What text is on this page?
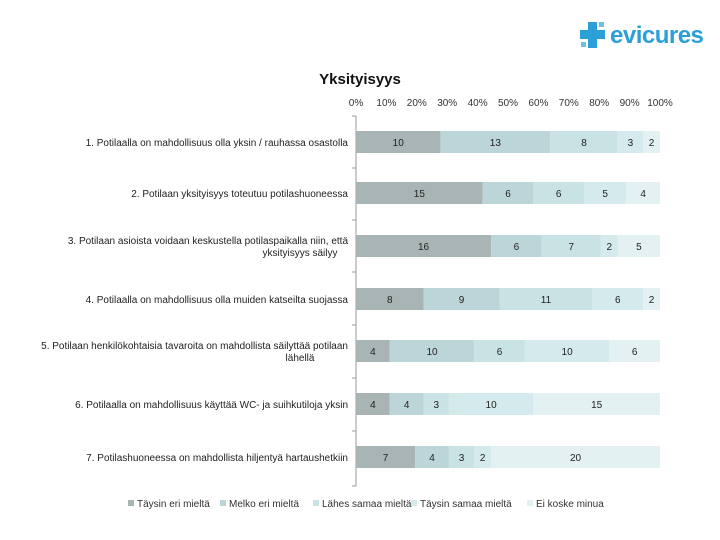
evicures
Yksityisyys
0% 10% 20% 30% 40% 50% 60% 70% 80% 90% 100%
10	13	8	3 2
15	6	6	5	4
16	6	7	2 5
8	9	11	6	2
4	10	6	10	6
4	4 3	10	15
7	4 3 2	20
1. Potilaalla on mahdollisuus olla yksin / rauhassa osastolla
2. Potilaan yksityisyys toteutuu potilashuoneessa
3. Potilaan asioista voidaan keskustella potilaspaikalla niin, että yksityisyys säilyy
4. Potilaalla on mahdollisuus olla muiden katseilta suojassa
5. Potilaan henkilökohtaisia tavaroita on mahdollista säilyttää potilaan lähellä
6. Potilaalla on mahdollisuus käyttää WC- ja suihkutiloja yksin
7. Potilashuoneessa on mahdollista hiljentyä hartaushetkiin
Täysin eri mieltä Melko eri mieltä Lähes samaa mieltä Täysin samaa mieltä Ei koske minua
